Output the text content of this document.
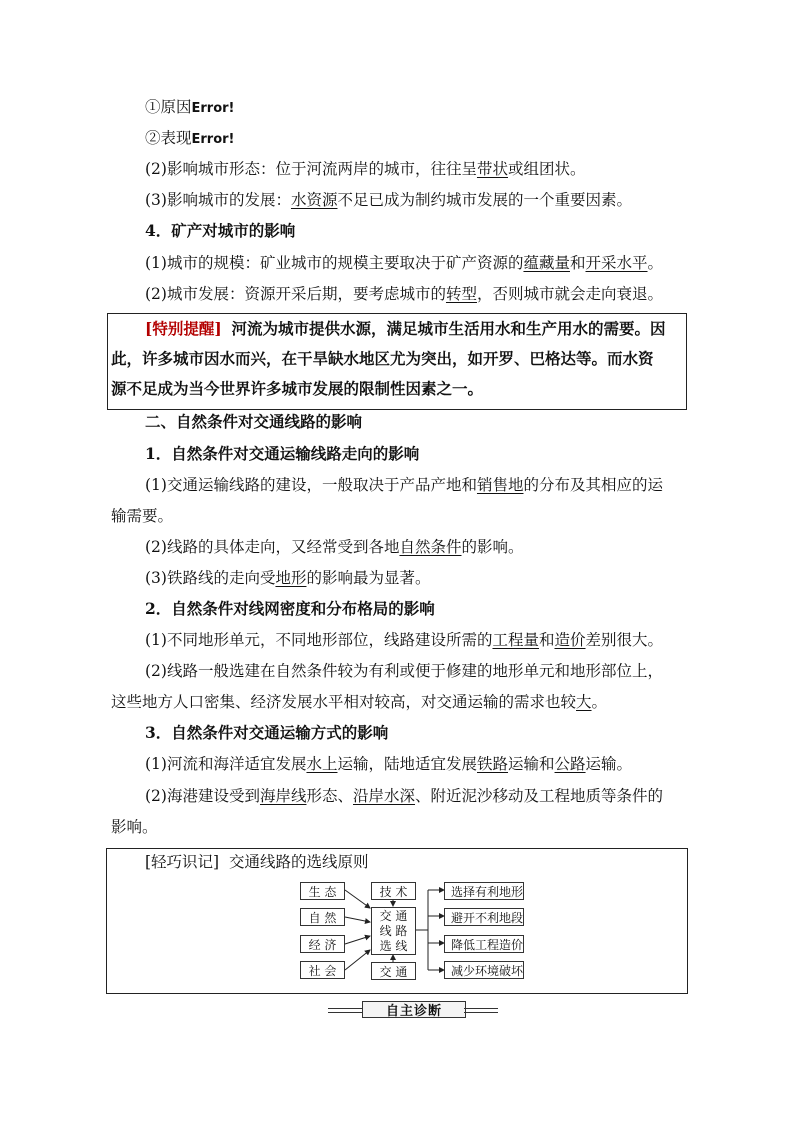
①原因Error!
②表现Error!
(2)影响城市形态：位于河流两岸的城市，往往呈带状或组团状。
(3)影响城市的发展：水资源不足已成为制约城市发展的一个重要因素。
4．矿产对城市的影响
(1)城市的规模：矿业城市的规模主要取决于矿产资源的蕴藏量和开采水平。
(2)城市发展：资源开采后期，要考虑城市的转型，否则城市就会走向衰退。
[特别提醒] 河流为城市提供水源，满足城市生活用水和生产用水的需要。因
此，许多城市因水而兴，在干旱缺水地区尤为突出，如开罗、巴格达等。而水资
源不足成为当今世界许多城市发展的限制性因素之一。
二、自然条件对交通线路的影响
1．自然条件对交通运输线路走向的影响
(1)交通运输线路的建设，一般取决于产品产地和销售地的分布及其相应的运
输需要。
(2)线路的具体走向，又经常受到各地自然条件的影响。
(3)铁路线的走向受地形的影响最为显著。
2．自然条件对线网密度和分布格局的影响
(1)不同地形单元，不同地形部位，线路建设所需的工程量和造价差别很大。
(2)线路一般选建在自然条件较为有利或便于修建的地形单元和地形部位上，
这些地方人口密集、经济发展水平相对较高，对交通运输的需求也较大。
3．自然条件对交通运输方式的影响
(1)河流和海洋适宜发展水上运输，陆地适宜发展铁路运输和公路运输。
(2)海港建设受到海岸线形态、沿岸水深、附近泥沙移动及工程地质等条件的
影响。
[轻巧识记] 交通线路的选线原则
生 态
自 然
经 济
社 会
技 术
交 通
线 路
选 线
交 通
选择有利地形
避开不利地段
降低工程造价
减少环境破坏
自主诊断
